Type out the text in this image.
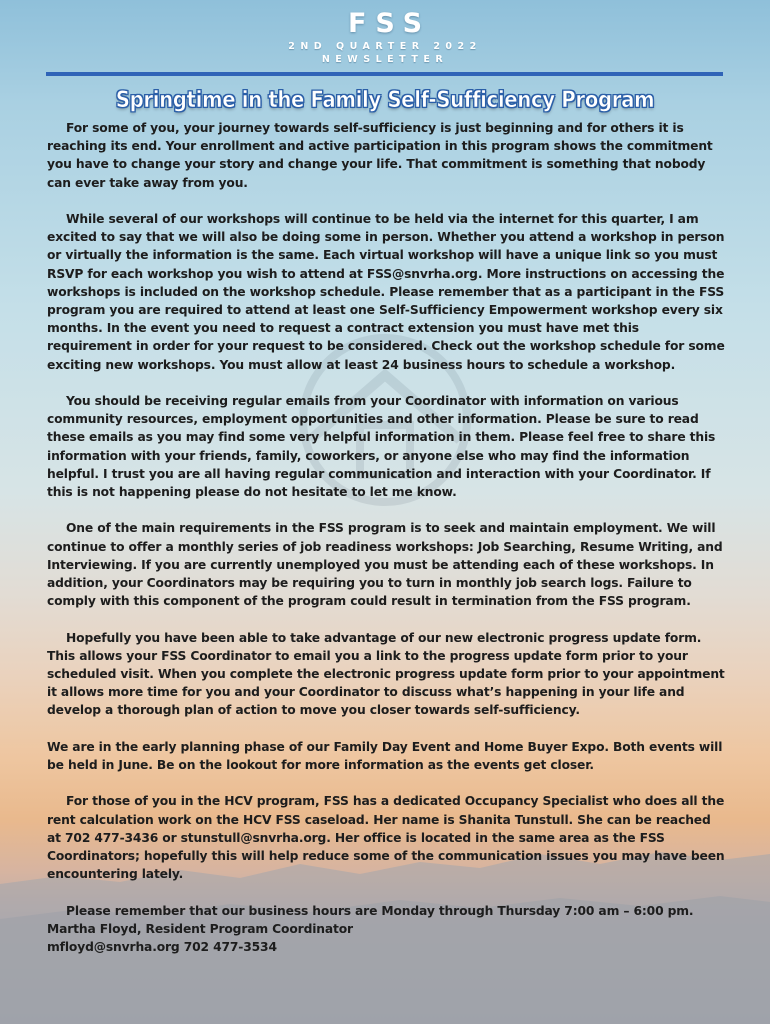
FSS
2ND QUARTER 2022
NEWSLETTER
Springtime in the Family Self-Sufficiency Program

For some of you, your journey towards self-sufficiency is just beginning and for others it is reaching its end. Your enrollment and active participation in this program shows the commitment you have to change your story and change your life. That commitment is something that nobody can ever take away from you.

While several of our workshops will continue to be held via the internet for this quarter, I am excited to say that we will also be doing some in person. Whether you attend a workshop in person or virtually the information is the same. Each virtual workshop will have a unique link so you must RSVP for each workshop you wish to attend at FSS@snvrha.org. More instructions on accessing the workshops is included on the workshop schedule. Please remember that as a participant in the FSS program you are required to attend at least one Self-Sufficiency Empowerment workshop every six months. In the event you need to request a contract extension you must have met this requirement in order for your request to be considered. Check out the workshop schedule for some exciting new workshops. You must allow at least 24 business hours to schedule a workshop.

You should be receiving regular emails from your Coordinator with information on various community resources, employment opportunities and other information. Please be sure to read these emails as you may find some very helpful information in them. Please feel free to share this information with your friends, family, coworkers, or anyone else who may find the information helpful. I trust you are all having regular communication and interaction with your Coordinator. If this is not happening please do not hesitate to let me know.

One of the main requirements in the FSS program is to seek and maintain employment. We will continue to offer a monthly series of job readiness workshops: Job Searching, Resume Writing, and Interviewing. If you are currently unemployed you must be attending each of these workshops. In addition, your Coordinators may be requiring you to turn in monthly job search logs. Failure to comply with this component of the program could result in termination from the FSS program.

Hopefully you have been able to take advantage of our new electronic progress update form. This allows your FSS Coordinator to email you a link to the progress update form prior to your scheduled visit. When you complete the electronic progress update form prior to your appointment it allows more time for you and your Coordinator to discuss what’s happening in your life and develop a thorough plan of action to move you closer towards self-sufficiency.

We are in the early planning phase of our Family Day Event and Home Buyer Expo. Both events will be held in June. Be on the lookout for more information as the events get closer.

For those of you in the HCV program, FSS has a dedicated Occupancy Specialist who does all the rent calculation work on the HCV FSS caseload. Her name is Shanita Tunstull. She can be reached at 702 477-3436 or stunstull@snvrha.org. Her office is located in the same area as the FSS Coordinators; hopefully this will help reduce some of the communication issues you may have been encountering lately.

Please remember that our business hours are Monday through Thursday 7:00 am – 6:00 pm.
Martha Floyd, Resident Program Coordinator
mfloyd@snvrha.org 702 477-3534
